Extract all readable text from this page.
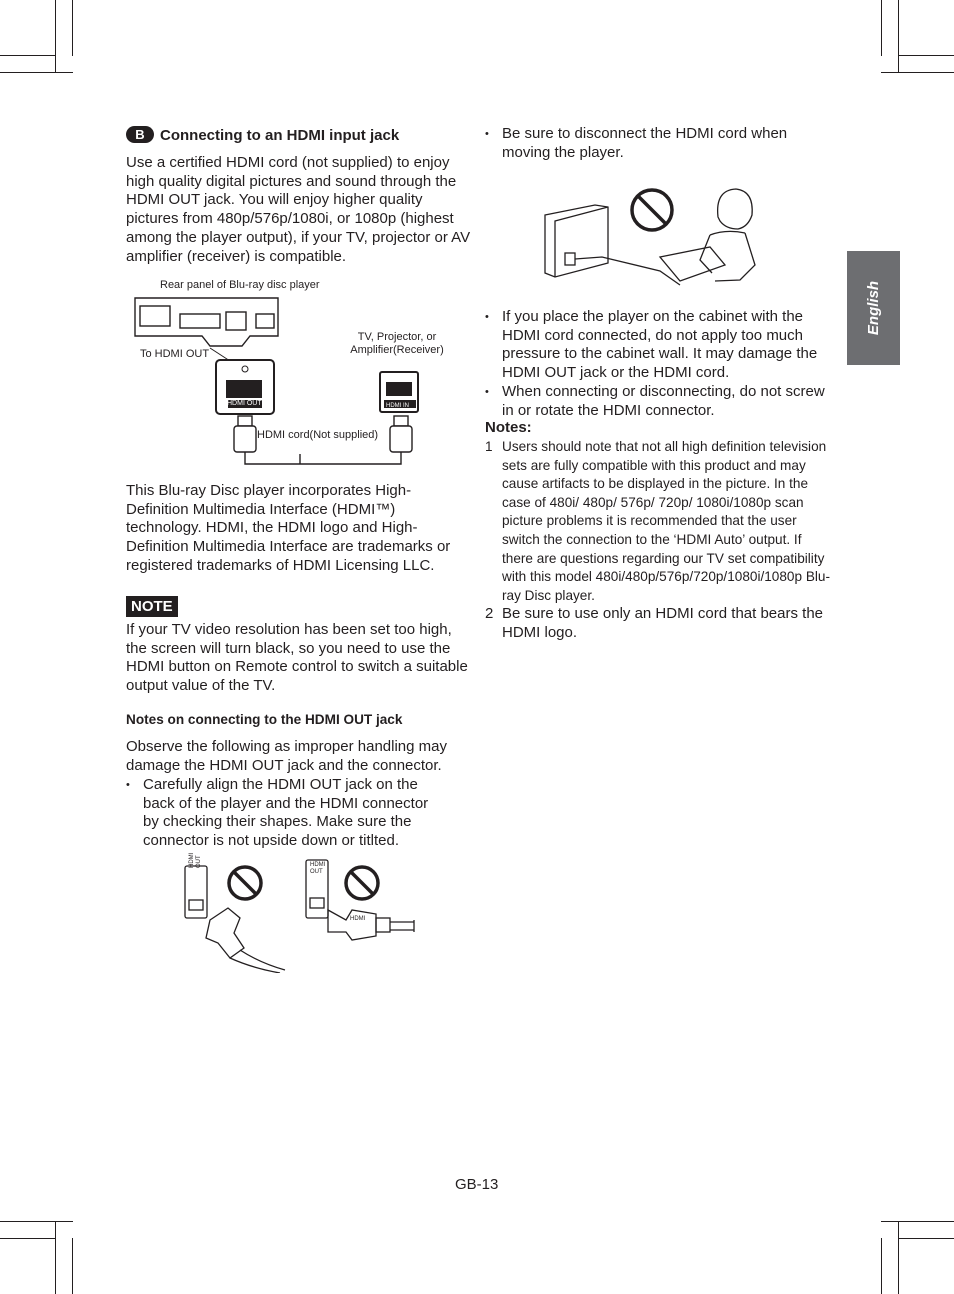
English
B Connecting to an HDMI input jack

Use a certified HDMI cord (not supplied) to enjoy high quality digital pictures and sound through the HDMI OUT jack. You will enjoy higher quality pictures from 480p/576p/1080i, or 1080p (highest among the player output), if your TV, projector or AV amplifier (receiver) is compatible.

Rear panel of Blu-ray disc player
To HDMI OUT
TV, Projector, or
Amplifier(Receiver)
HDMI OUT	HDMI IN
HDMI cord(Not supplied)

This Blu-ray Disc player incorporates High-Definition Multimedia Interface (HDMI™) technology. HDMI, the HDMI logo and High-Definition Multimedia Interface are trademarks or registered trademarks of HDMI Licensing LLC.

NOTE

If your TV video resolution has been set too high, the screen will turn black, so you need to use the HDMI button on Remote control to switch a suitable output value of the TV.

Notes on connecting to the HDMI OUT jack

Observe the following as improper handling may damage the HDMI OUT jack and the connector.

• Carefully align the HDMI OUT jack on the back of the player and the HDMI connector by checking their shapes. Make sure the connector is not upside down or titlted.
HDMI OUT	HDMI OUT
HDMI
• Be sure to disconnect the HDMI cord when moving the player.
• If you place the player on the cabinet with the HDMI cord connected, do not apply too much pressure to the cabinet wall. It may damage the HDMI OUT jack or the HDMI cord.
• When connecting or disconnecting, do not screw in or rotate the HDMI connector.
Notes:
1 Users should note that not all high definition television sets are fully compatible with this product and may cause artifacts to be displayed in the picture. In the case of 480i/ 480p/ 576p/ 720p/ 1080i/1080p scan picture problems it is recommended that the user switch the connection to the ‘HDMI Auto’ output. If there are questions regarding our TV set compatibility with this model 480i/480p/576p/720p/1080i/1080p Blu-ray Disc player.
2 Be sure to use only an HDMI cord that bears the HDMI logo.
GB-13
